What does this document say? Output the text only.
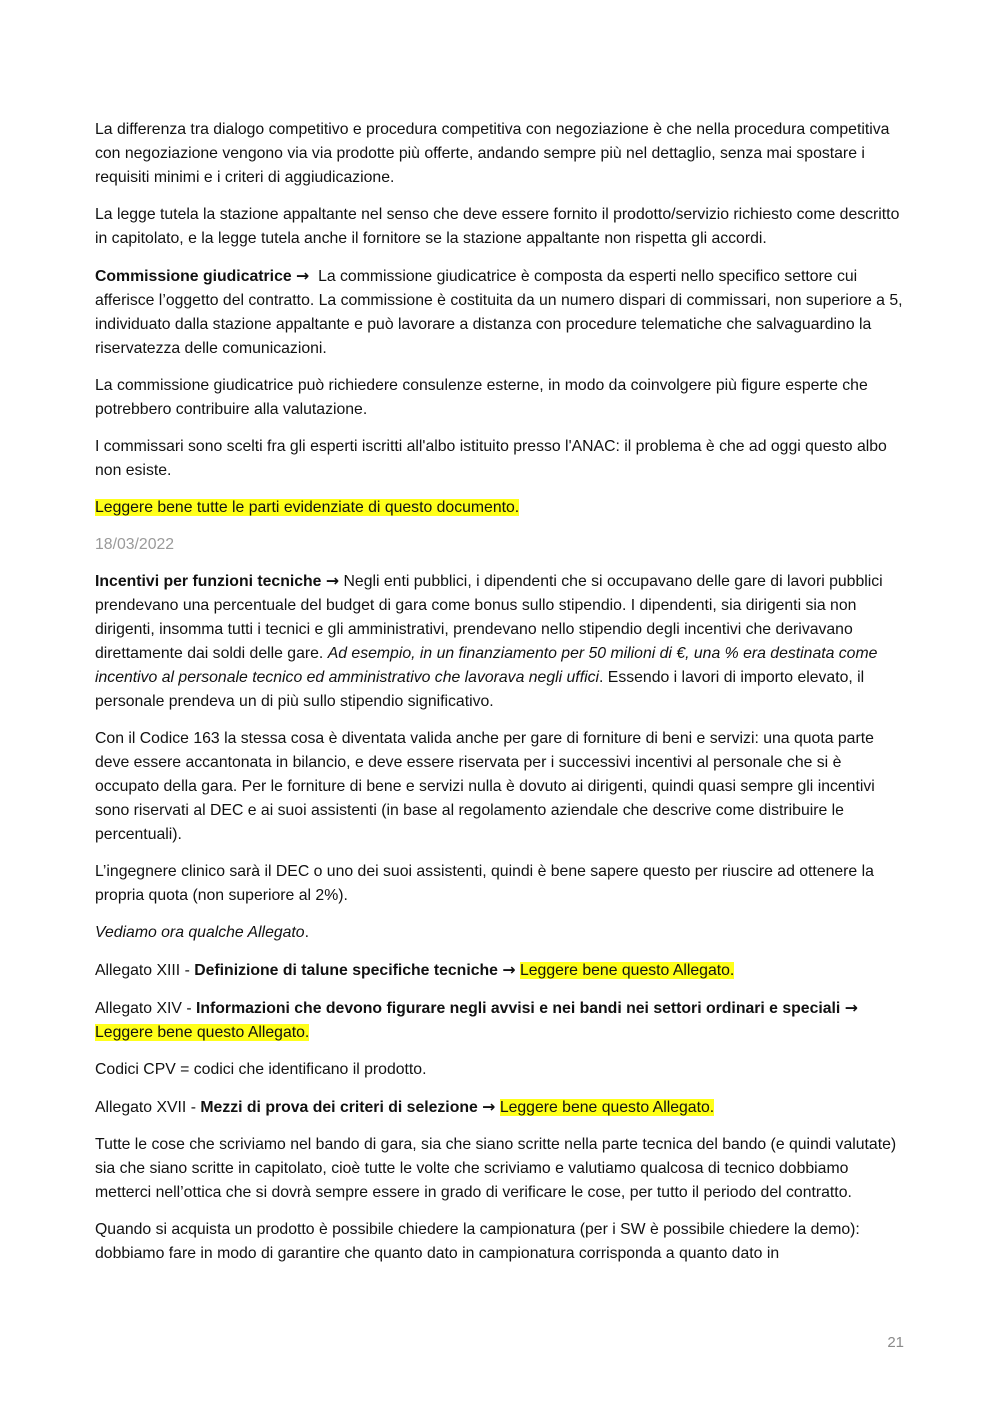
La differenza tra dialogo competitivo e procedura competitiva con negoziazione è che nella procedura competitiva con negoziazione vengono via via prodotte più offerte, andando sempre più nel dettaglio, senza mai spostare i requisiti minimi e i criteri di aggiudicazione.

La legge tutela la stazione appaltante nel senso che deve essere fornito il prodotto/servizio richiesto come descritto in capitolato, e la legge tutela anche il fornitore se la stazione appaltante non rispetta gli accordi.

Commissione giudicatrice → La commissione giudicatrice è composta da esperti nello specifico settore cui afferisce l’oggetto del contratto. La commissione è costituita da un numero dispari di commissari, non superiore a 5, individuato dalla stazione appaltante e può lavorare a distanza con procedure telematiche che salvaguardino la riservatezza delle comunicazioni.

La commissione giudicatrice può richiedere consulenze esterne, in modo da coinvolgere più figure esperte che potrebbero contribuire alla valutazione.

I commissari sono scelti fra gli esperti iscritti all'albo istituito presso l'ANAC: il problema è che ad oggi questo albo non esiste.

Leggere bene tutte le parti evidenziate di questo documento.

18/03/2022

Incentivi per funzioni tecniche → Negli enti pubblici, i dipendenti che si occupavano delle gare di lavori pubblici prendevano una percentuale del budget di gara come bonus sullo stipendio. I dipendenti, sia dirigenti sia non dirigenti, insomma tutti i tecnici e gli amministrativi, prendevano nello stipendio degli incentivi che derivavano direttamente dai soldi delle gare. Ad esempio, in un finanziamento per 50 milioni di €, una % era destinata come incentivo al personale tecnico ed amministrativo che lavorava negli uffici. Essendo i lavori di importo elevato, il personale prendeva un di più sullo stipendio significativo.

Con il Codice 163 la stessa cosa è diventata valida anche per gare di forniture di beni e servizi: una quota parte deve essere accantonata in bilancio, e deve essere riservata per i successivi incentivi al personale che si è occupato della gara. Per le forniture di bene e servizi nulla è dovuto ai dirigenti, quindi quasi sempre gli incentivi sono riservati al DEC e ai suoi assistenti (in base al regolamento aziendale che descrive come distribuire le percentuali).

L’ingegnere clinico sarà il DEC o uno dei suoi assistenti, quindi è bene sapere questo per riuscire ad ottenere la propria quota (non superiore al 2%).

Vediamo ora qualche Allegato.

Allegato XIII - Definizione di talune specifiche tecniche → Leggere bene questo Allegato.

Allegato XIV - Informazioni che devono figurare negli avvisi e nei bandi nei settori ordinari e speciali → Leggere bene questo Allegato.

Codici CPV = codici che identificano il prodotto.

Allegato XVII - Mezzi di prova dei criteri di selezione → Leggere bene questo Allegato.

Tutte le cose che scriviamo nel bando di gara, sia che siano scritte nella parte tecnica del bando (e quindi valutate) sia che siano scritte in capitolato, cioè tutte le volte che scriviamo e valutiamo qualcosa di tecnico dobbiamo metterci nell’ottica che si dovrà sempre essere in grado di verificare le cose, per tutto il periodo del contratto.

Quando si acquista un prodotto è possibile chiedere la campionatura (per i SW è possibile chiedere la demo): dobbiamo fare in modo di garantire che quanto dato in campionatura corrisponda a quanto dato in

21
